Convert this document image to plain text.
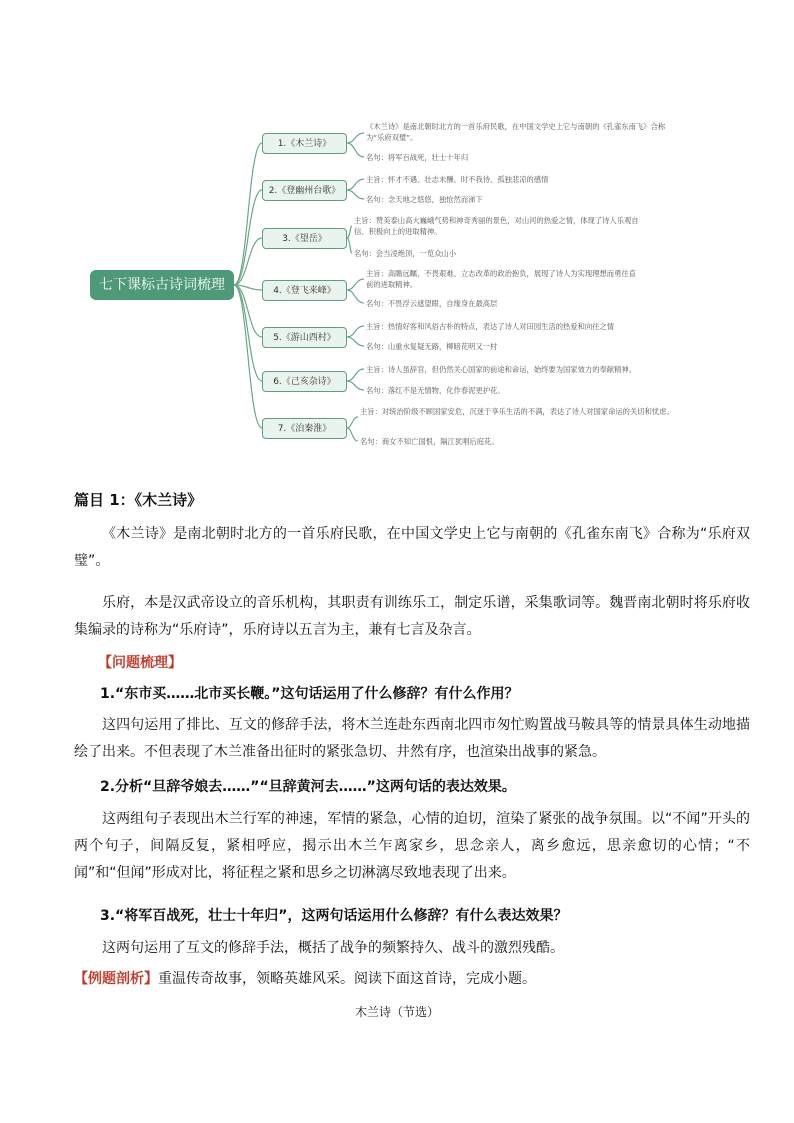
七下课标古诗词梳理
1.《木兰诗》
2.《登幽州台歌》
3.《望岳》
4.《登飞来峰》
5.《游山西村》
6.《己亥杂诗》
7.《泊秦淮》
《木兰诗》是南北朝时北方的一首乐府民歌，在中国文学史上它与南朝的《孔雀东南飞》合称为“乐府双璧”。
名句：将军百战死，壮士十年归
主旨：怀才不遇、壮志未酬、时不我待、孤独悲凉的感情
名句：念天地之悠悠，独怆然而涕下
主旨：赞美泰山高大巍峨气势和神奇秀丽的景色，对山河的热爱之情，体现了诗人乐观自信、积极向上的进取精神。
名句：会当凌绝顶，一览众山小
主旨：高瞻远瞩、不畏艰难、立志改革的政治抱负，展现了诗人为实现理想而勇往直前的进取精神。
名句：不畏浮云遮望眼，自缘身在最高层
主旨：热情好客和风俗古朴的特点，表达了诗人对田园生活的热爱和向往之情
名句：山重水复疑无路，柳暗花明又一村
主旨：诗人虽辞官，但仍然关心国家的前途和命运，始终要为国家效力的奉献精神。
名句：落红不是无情物，化作春泥更护花。
主旨：对统治阶级不顾国家安危，沉迷于享乐生活的不满，表达了诗人对国家命运的关切和忧虑。
名句：商女不知亡国恨，隔江犹唱后庭花。
篇目 1：《木兰诗》
《木兰诗》是南北朝时北方的一首乐府民歌，在中国文学史上它与南朝的《孔雀东南飞》合称为“乐府双璧”。
乐府，本是汉武帝设立的音乐机构，其职责有训练乐工，制定乐谱，采集歌词等。魏晋南北朝时将乐府收集编录的诗称为“乐府诗”，乐府诗以五言为主，兼有七言及杂言。
【问题梳理】
1.“东市买……北市买长鞭。”这句话运用了什么修辞？有什么作用？
这四句运用了排比、互文的修辞手法，将木兰连赴东西南北四市匆忙购置战马鞍具等的情景具体生动地描绘了出来。不但表现了木兰准备出征时的紧张急切、井然有序，也渲染出战事的紧急。
2.分析“旦辞爷娘去……”“旦辞黄河去……”这两句话的表达效果。
这两组句子表现出木兰行军的神速，军情的紧急，心情的迫切，渲染了紧张的战争氛围。以“不闻”开头的两个句子，间隔反复，紧相呼应，揭示出木兰乍离家乡，思念亲人，离乡愈远，思亲愈切的心情；“不闻”和“但闻”形成对比，将征程之紧和思乡之切淋漓尽致地表现了出来。
3.“将军百战死，壮士十年归”，这两句话运用什么修辞？有什么表达效果？
这两句运用了互文的修辞手法，概括了战争的频繁持久、战斗的激烈残酷。
【例题剖析】重温传奇故事，领略英雄风采。阅读下面这首诗，完成小题。
木兰诗（节选）
